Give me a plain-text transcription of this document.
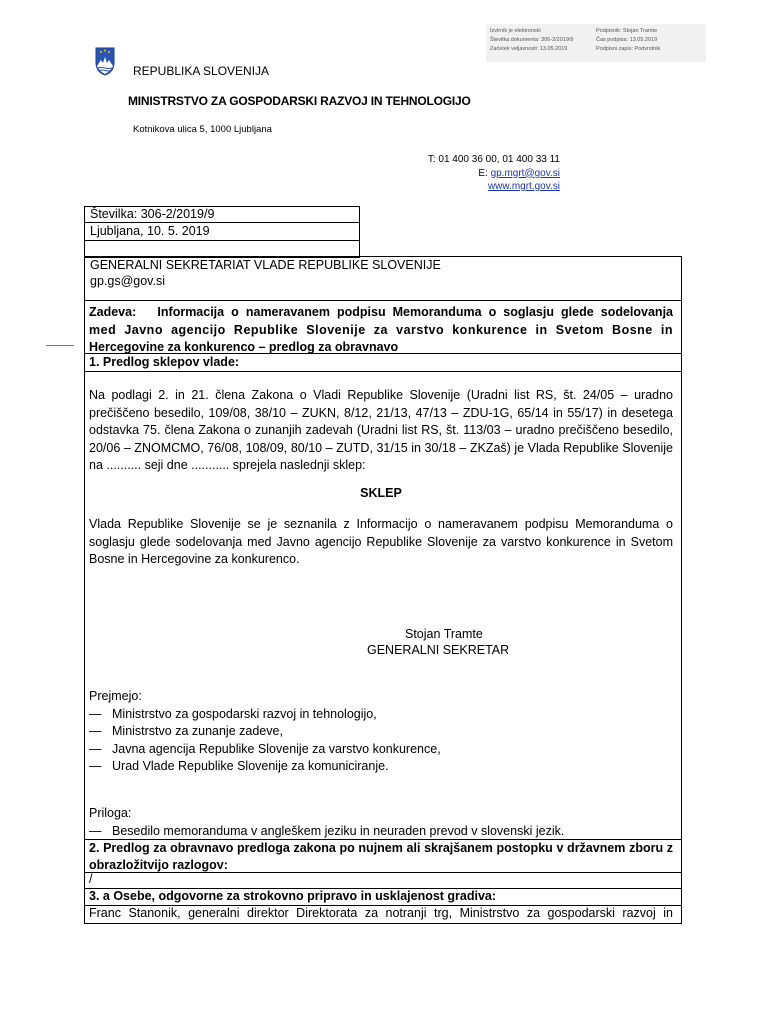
Izvirnik je elektronski
Številka dokumenta: 306-2/2019/9
Začetek veljavnosti: 13.05.2019
Podpisnik: Stojan Tramte
Čas podpisa: 13.05.2019
Podpisni zapis: Podvrstnik
REPUBLIKA SLOVENIJA
MINISTRSTVO ZA GOSPODARSKI RAZVOJ IN TEHNOLOGIJO
Kotnikova ulica 5, 1000 Ljubljana
T: 01 400 36 00, 01 400 33 11
E: gp.mgrt@gov.si
www.mgrt.gov.si
Številka: 306-2/2019/9
Ljubljana, 10. 5. 2019
GENERALNI SEKRETARIAT VLADE REPUBLIKE SLOVENIJE
gp.gs@gov.si
Zadeva: Informacija o nameravanem podpisu Memoranduma o soglasju glede sodelovanja
med Javno agencijo Republike Slovenije za varstvo konkurence in Svetom Bosne in
Hercegovine za konkurenco – predlog za obravnavo
1. Predlog sklepov vlade:
Na podlagi 2. in 21. člena Zakona o Vladi Republike Slovenije (Uradni list RS, št. 24/05 – uradno prečiščeno besedilo, 109/08, 38/10 – ZUKN, 8/12, 21/13, 47/13 – ZDU-1G, 65/14 in 55/17) in desetega odstavka 75. člena Zakona o zunanjih zadevah (Uradni list RS, št. 113/03 – uradno prečiščeno besedilo, 20/06 – ZNOMCMO, 76/08, 108/09, 80/10 – ZUTD, 31/15 in 30/18 – ZKZaš) je Vlada Republike Slovenije na .......... seji dne ........... sprejela naslednji sklep:
SKLEP
Vlada Republike Slovenije se je seznanila z Informacijo o nameravanem podpisu Memoranduma o soglasju glede sodelovanja med Javno agencijo Republike Slovenije za varstvo konkurence in Svetom Bosne in Hercegovine za konkurenco.
Stojan Tramte
GENERALNI SEKRETAR
Prejmejo:
— Ministrstvo za gospodarski razvoj in tehnologijo,
— Ministrstvo za zunanje zadeve,
— Javna agencija Republike Slovenije za varstvo konkurence,
— Urad Vlade Republike Slovenije za komuniciranje.
Priloga:
— Besedilo memoranduma v angleškem jeziku in neuraden prevod v slovenski jezik.
2. Predlog za obravnavo predloga zakona po nujnem ali skrajšanem postopku v državnem zboru z obrazložitvijo razlogov:
/
3. a Osebe, odgovorne za strokovno pripravo in usklajenost gradiva:
Franc Stanonik, generalni direktor Direktorata za notranji trg, Ministrstvo za gospodarski razvoj in
